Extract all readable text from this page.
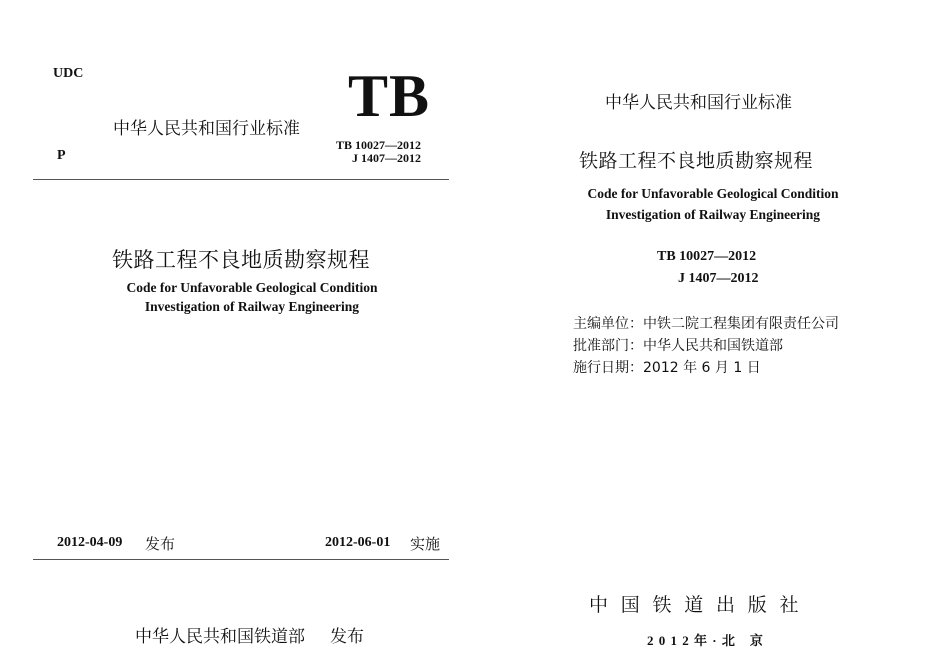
UDC	TB
中华人民共和国行业标准
P
TB 10027—2012
J 1407—2012
铁路工程不良地质勘察规程
Code for Unfavorable Geological Condition
Investigation of Railway Engineering
2012-04-09 发布	2012-06-01 实施
中华人民共和国铁道部 发布
中华人民共和国行业标准
铁路工程不良地质勘察规程
Code for Unfavorable Geological Condition
Investigation of Railway Engineering
TB 10027—2012
J 1407—2012
主编单位：中铁二院工程集团有限责任公司
批准部门：中华人民共和国铁道部
施行日期：2012 年 6 月 1 日
中 国 铁 道 出 版 社
2 0 1 2 年 · 北　京
